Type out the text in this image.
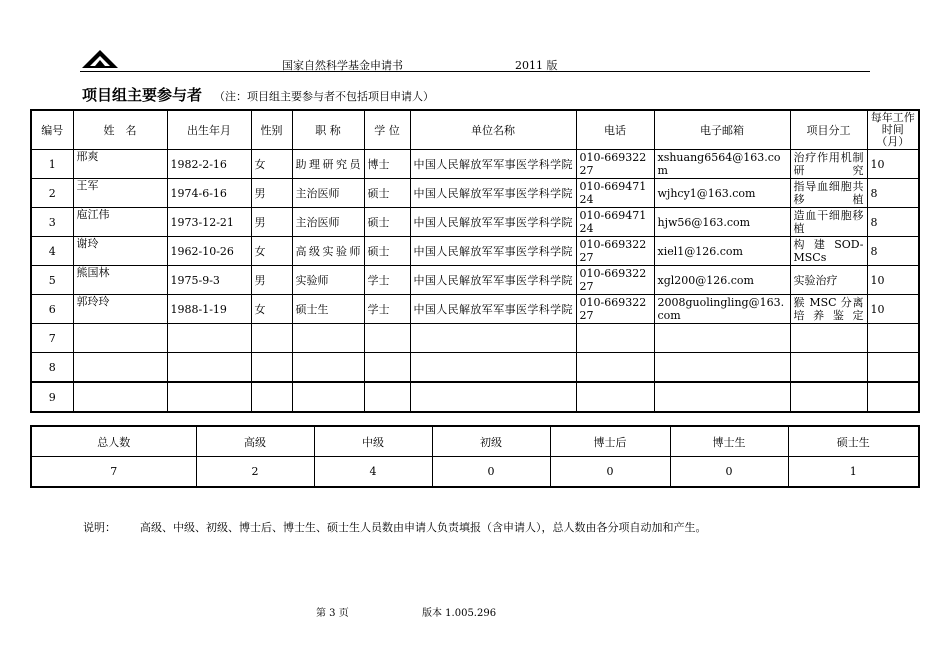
国家自然科学基金申请书	2011 版
项目组主要参与者 （注：项目组主要参与者不包括项目申请人）
编号	姓　名	出生年月	性别	职 称	学 位	单位名称	电话	电子邮箱	项目分工	每年工作时间（月）
1	邢爽	1982-2-16	女	助理研究员	博士	中国人民解放军军事医学科学院	010-66932227	xshuang6564@163.com	治疗作用机制研究	10
2	王军	1974-6-16	男	主治医师	硕士	中国人民解放军军事医学科学院	010-66947124	wjhcy1@163.com	指导血细胞共移植	8
3	庖江伟	1973-12-21	男	主治医师	硕士	中国人民解放军军事医学科学院	010-66947124	hjw56@163.com	造血干细胞移植	8
4	谢玲	1962-10-26	女	高级实验师	硕士	中国人民解放军军事医学科学院	010-66932227	xiel1@126.com	构建SOD-MSCs	8
5	熊国林	1975-9-3	男	实验师	学士	中国人民解放军军事医学科学院	010-66932227	xgl200@126.com	实验治疗	10
6	郭玲玲	1988-1-19	女	硕士生	学士	中国人民解放军军事医学科学院	010-66932227	2008guolingling@163.com	猴 MSC 分离培养鉴定	10
7										
8										
9										
总人数	高级	中级	初级	博士后	博士生	硕士生
7	2	4	0	0	0	1
说明： 高级、中级、初级、博士后、博士生、硕士生人员数由申请人负责填报（含申请人），总人数由各分项自动加和产生。
第 3 页	版本 1.005.296
